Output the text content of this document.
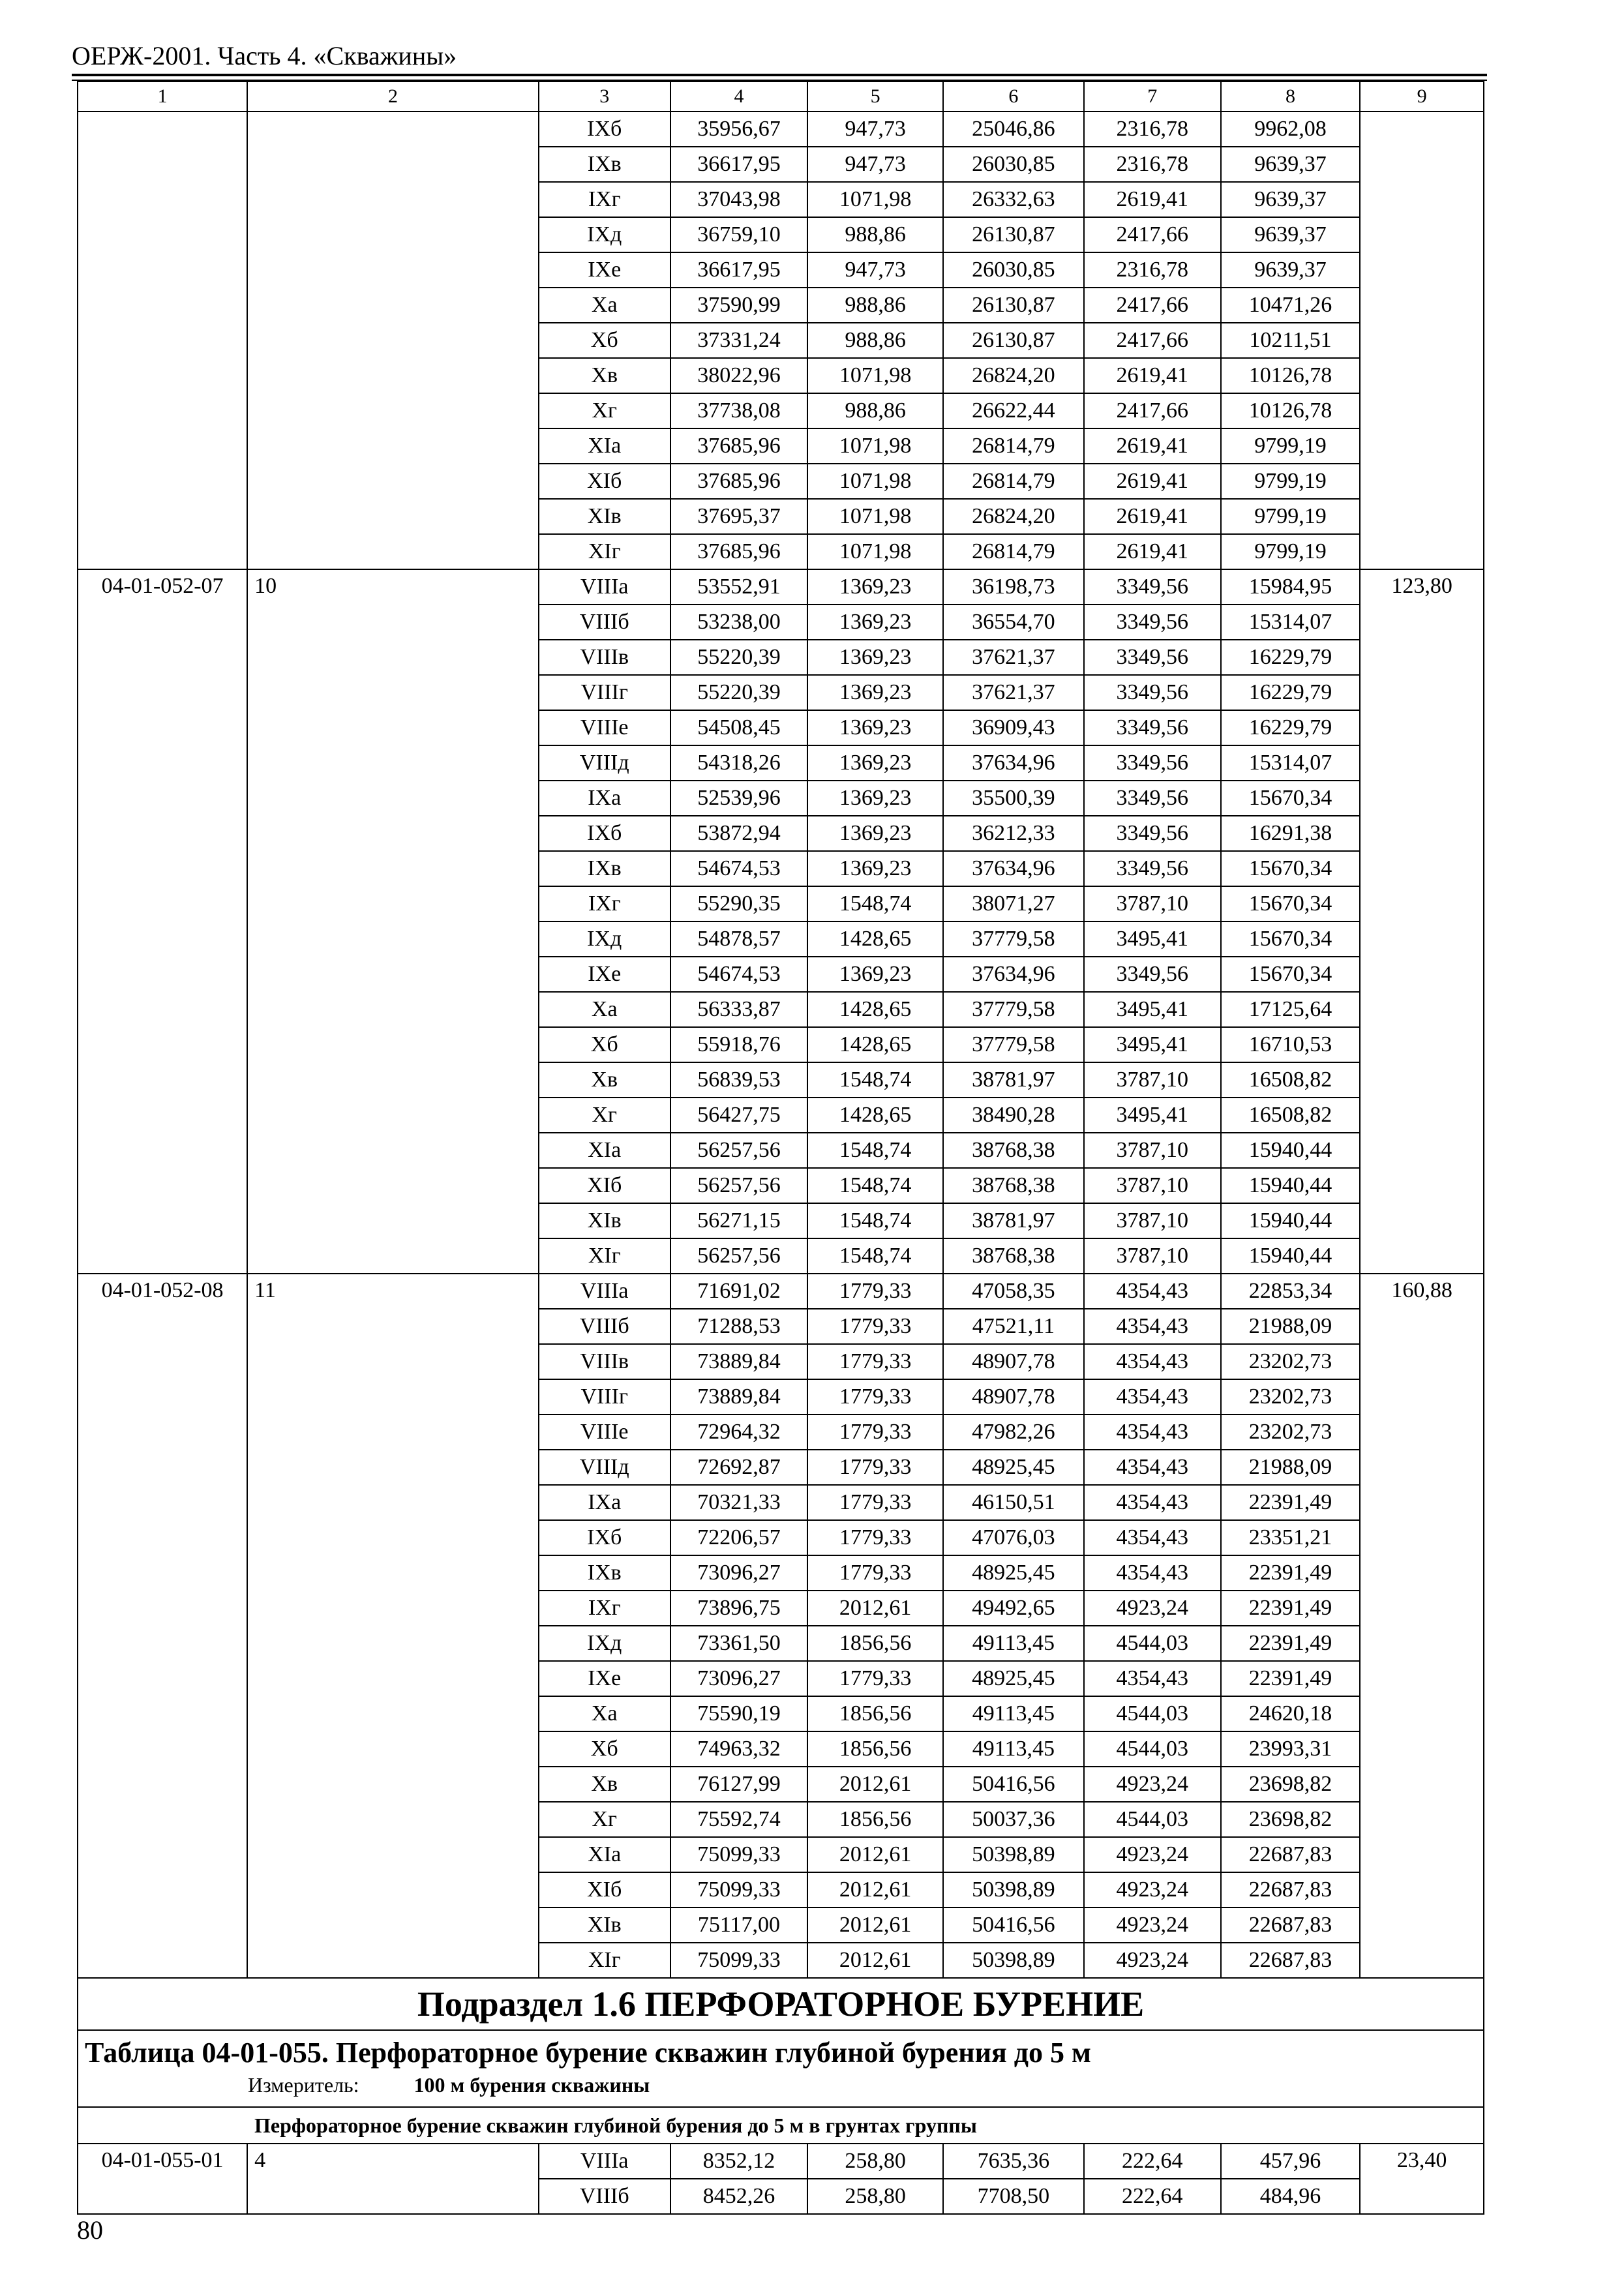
ОЕРЖ-2001. Часть 4. «Скважины»
1	2	3	4	5	6	7	8	9
		IXб	35956,67	947,73	25046,86	2316,78	9962,08	
		IXв	36617,95	947,73	26030,85	2316,78	9639,37	
		IXг	37043,98	1071,98	26332,63	2619,41	9639,37	
		IXд	36759,10	988,86	26130,87	2417,66	9639,37	
		IXе	36617,95	947,73	26030,85	2316,78	9639,37	
		Xа	37590,99	988,86	26130,87	2417,66	10471,26	
		Xб	37331,24	988,86	26130,87	2417,66	10211,51	
		Xв	38022,96	1071,98	26824,20	2619,41	10126,78	
		Xг	37738,08	988,86	26622,44	2417,66	10126,78	
		XIа	37685,96	1071,98	26814,79	2619,41	9799,19	
		XIб	37685,96	1071,98	26814,79	2619,41	9799,19	
		XIв	37695,37	1071,98	26824,20	2619,41	9799,19	
		XIг	37685,96	1071,98	26814,79	2619,41	9799,19	
04-01-052-07	10	VIIIа	53552,91	1369,23	36198,73	3349,56	15984,95	123,80
		VIIIб	53238,00	1369,23	36554,70	3349,56	15314,07	
		VIIIв	55220,39	1369,23	37621,37	3349,56	16229,79	
		VIIIг	55220,39	1369,23	37621,37	3349,56	16229,79	
		VIIIе	54508,45	1369,23	36909,43	3349,56	16229,79	
		VIIIд	54318,26	1369,23	37634,96	3349,56	15314,07	
		IXа	52539,96	1369,23	35500,39	3349,56	15670,34	
		IXб	53872,94	1369,23	36212,33	3349,56	16291,38	
		IXв	54674,53	1369,23	37634,96	3349,56	15670,34	
		IXг	55290,35	1548,74	38071,27	3787,10	15670,34	
		IXд	54878,57	1428,65	37779,58	3495,41	15670,34	
		IXе	54674,53	1369,23	37634,96	3349,56	15670,34	
		Xа	56333,87	1428,65	37779,58	3495,41	17125,64	
		Xб	55918,76	1428,65	37779,58	3495,41	16710,53	
		Xв	56839,53	1548,74	38781,97	3787,10	16508,82	
		Xг	56427,75	1428,65	38490,28	3495,41	16508,82	
		XIа	56257,56	1548,74	38768,38	3787,10	15940,44	
		XIб	56257,56	1548,74	38768,38	3787,10	15940,44	
		XIв	56271,15	1548,74	38781,97	3787,10	15940,44	
		XIг	56257,56	1548,74	38768,38	3787,10	15940,44	
04-01-052-08	11	VIIIа	71691,02	1779,33	47058,35	4354,43	22853,34	160,88
		VIIIб	71288,53	1779,33	47521,11	4354,43	21988,09	
		VIIIв	73889,84	1779,33	48907,78	4354,43	23202,73	
		VIIIг	73889,84	1779,33	48907,78	4354,43	23202,73	
		VIIIе	72964,32	1779,33	47982,26	4354,43	23202,73	
		VIIIд	72692,87	1779,33	48925,45	4354,43	21988,09	
		IXа	70321,33	1779,33	46150,51	4354,43	22391,49	
		IXб	72206,57	1779,33	47076,03	4354,43	23351,21	
		IXв	73096,27	1779,33	48925,45	4354,43	22391,49	
		IXг	73896,75	2012,61	49492,65	4923,24	22391,49	
		IXд	73361,50	1856,56	49113,45	4544,03	22391,49	
		IXе	73096,27	1779,33	48925,45	4354,43	22391,49	
		Xа	75590,19	1856,56	49113,45	4544,03	24620,18	
		Xб	74963,32	1856,56	49113,45	4544,03	23993,31	
		Xв	76127,99	2012,61	50416,56	4923,24	23698,82	
		Xг	75592,74	1856,56	50037,36	4544,03	23698,82	
		XIа	75099,33	2012,61	50398,89	4923,24	22687,83	
		XIб	75099,33	2012,61	50398,89	4923,24	22687,83	
		XIв	75117,00	2012,61	50416,56	4923,24	22687,83	
		XIг	75099,33	2012,61	50398,89	4923,24	22687,83	
Подраздел 1.6 ПЕРФОРАТОРНОЕ БУРЕНИЕ								

Таблица 04-01-055. Перфораторное бурение скважин глубиной бурения до 5 м
Измеритель: 100 м бурения скважины								

Перфораторное бурение скважин глубиной бурения до 5 м в грунтах группы								
04-01-055-01	4	VIIIа	8352,12	258,80	7635,36	222,64	457,96	23,40
		VIIIб	8452,26	258,80	7708,50	222,64	484,96	
80
